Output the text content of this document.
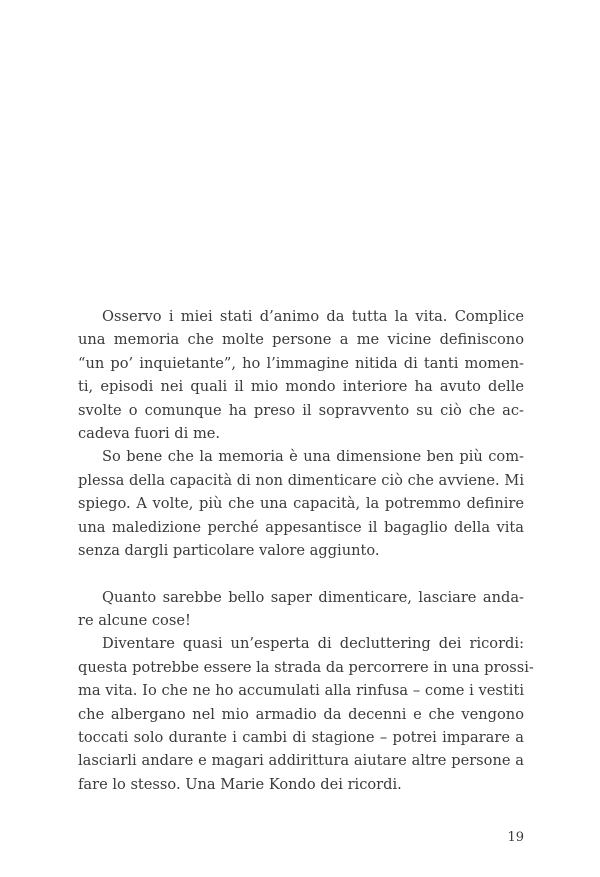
Osservo i miei stati d’animo da tutta la vita. Complice
una memoria che molte persone a me vicine definiscono
“un po’ inquietante”, ho l’immagine nitida di tanti momen-
ti, episodi nei quali il mio mondo interiore ha avuto delle
svolte o comunque ha preso il sopravvento su ciò che ac-
cadeva fuori di me.
So bene che la memoria è una dimensione ben più com-
plessa della capacità di non dimenticare ciò che avviene. Mi
spiego. A volte, più che una capacità, la potremmo definire
una maledizione perché appesantisce il bagaglio della vita
senza dargli particolare valore aggiunto.
Quanto sarebbe bello saper dimenticare, lasciare anda-
re alcune cose!
Diventare quasi un’esperta di decluttering dei ricordi:
questa potrebbe essere la strada da percorrere in una prossi-
ma vita. Io che ne ho accumulati alla rinfusa – come i vestiti
che albergano nel mio armadio da decenni e che vengono
toccati solo durante i cambi di stagione – potrei imparare a
lasciarli andare e magari addirittura aiutare altre persone a
fare lo stesso. Una Marie Kondo dei ricordi.
19
